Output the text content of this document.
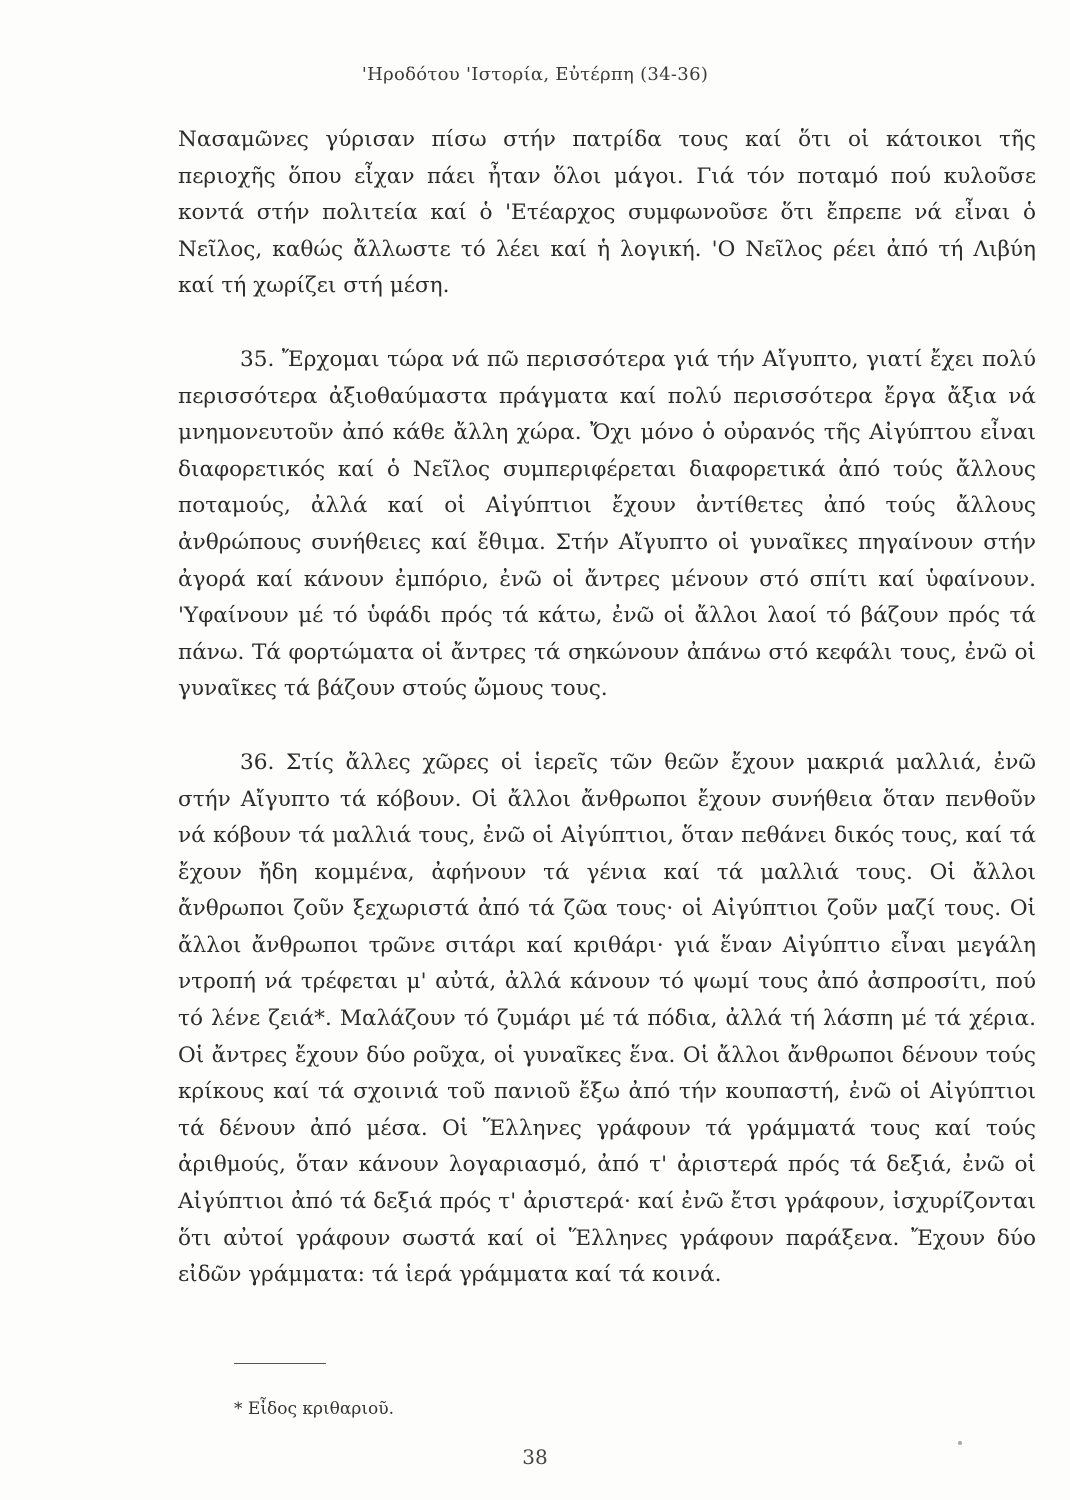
'Ηροδότου 'Ιστορία, Εὐτέρπη (34-36)

Νασαμῶνες γύρισαν πίσω στήν πατρίδα τους καί ὅτι οἱ κάτοικοι τῆς περιοχῆς ὅπου εἶχαν πάει ἦταν ὅλοι μάγοι. Γιά τόν ποταμό πού κυλοῦσε κοντά στήν πολιτεία καί ὁ 'Ετέαρχος συμφωνοῦσε ὅτι ἔπρεπε νά εἶναι ὁ Νεῖλος, καθώς ἄλλωστε τό λέει καί ἡ λογική. 'Ο Νεῖλος ρέει ἀπό τή Λιβύη καί τή χωρίζει στή μέση.

35. Ἔρχομαι τώρα νά πῶ περισσότερα γιά τήν Αἴγυπτο, γιατί ἔχει πολύ περισσότερα ἀξιοθαύμαστα πράγματα καί πολύ περισσότερα ἔργα ἄξια νά μνημονευτοῦν ἀπό κάθε ἄλλη χώρα. Ὄχι μόνο ὁ οὐρανός τῆς Αἰγύπτου εἶναι διαφορετικός καί ὁ Νεῖλος συμπεριφέρεται διαφορετικά ἀπό τούς ἄλλους ποταμούς, ἀλλά καί οἱ Αἰγύπτιοι ἔχουν ἀντίθετες ἀπό τούς ἄλλους ἀνθρώπους συνήθειες καί ἔθιμα. Στήν Αἴγυπτο οἱ γυναῖκες πηγαίνουν στήν ἀγορά καί κάνουν ἐμπόριο, ἐνῶ οἱ ἄντρες μένουν στό σπίτι καί ὑφαίνουν. 'Υφαίνουν μέ τό ὑφάδι πρός τά κάτω, ἐνῶ οἱ ἄλλοι λαοί τό βάζουν πρός τά πάνω. Τά φορτώματα οἱ ἄντρες τά σηκώνουν ἀπάνω στό κεφάλι τους, ἐνῶ οἱ γυναῖκες τά βάζουν στούς ὤμους τους.

36. Στίς ἄλλες χῶρες οἱ ἱερεῖς τῶν θεῶν ἔχουν μακριά μαλλιά, ἐνῶ στήν Αἴγυπτο τά κόβουν. Οἱ ἄλλοι ἄνθρωποι ἔχουν συνήθεια ὅταν πενθοῦν νά κόβουν τά μαλλιά τους, ἐνῶ οἱ Αἰγύπτιοι, ὅταν πεθάνει δικός τους, καί τά ἔχουν ἤδη κομμένα, ἀφήνουν τά γένια καί τά μαλλιά τους. Οἱ ἄλλοι ἄνθρωποι ζοῦν ξεχωριστά ἀπό τά ζῶα τους· οἱ Αἰγύπτιοι ζοῦν μαζί τους. Οἱ ἄλλοι ἄνθρωποι τρῶνε σιτάρι καί κριθάρι· γιά ἕναν Αἰγύπτιο εἶναι μεγάλη ντροπή νά τρέφεται μ' αὐτά, ἀλλά κάνουν τό ψωμί τους ἀπό ἀσπροσίτι, πού τό λένε ζειά*. Μαλάζουν τό ζυμάρι μέ τά πόδια, ἀλλά τή λάσπη μέ τά χέρια. Οἱ ἄντρες ἔχουν δύο ροῦχα, οἱ γυναῖκες ἕνα. Οἱ ἄλλοι ἄνθρωποι δένουν τούς κρίκους καί τά σχοινιά τοῦ πανιοῦ ἔξω ἀπό τήν κουπαστή, ἐνῶ οἱ Αἰγύπτιοι τά δένουν ἀπό μέσα. Οἱ Ἕλληνες γράφουν τά γράμματά τους καί τούς ἀριθμούς, ὅταν κάνουν λογαριασμό, ἀπό τ' ἀριστερά πρός τά δεξιά, ἐνῶ οἱ Αἰγύπτιοι ἀπό τά δεξιά πρός τ' ἀριστερά· καί ἐνῶ ἔτσι γράφουν, ἰσχυρίζονται ὅτι αὐτοί γράφουν σωστά καί οἱ Ἕλληνες γράφουν παράξενα. Ἔχουν δύο εἰδῶν γράμματα: τά ἱερά γράμματα καί τά κοινά.

* Εἶδος κριθαριοῦ.
38
